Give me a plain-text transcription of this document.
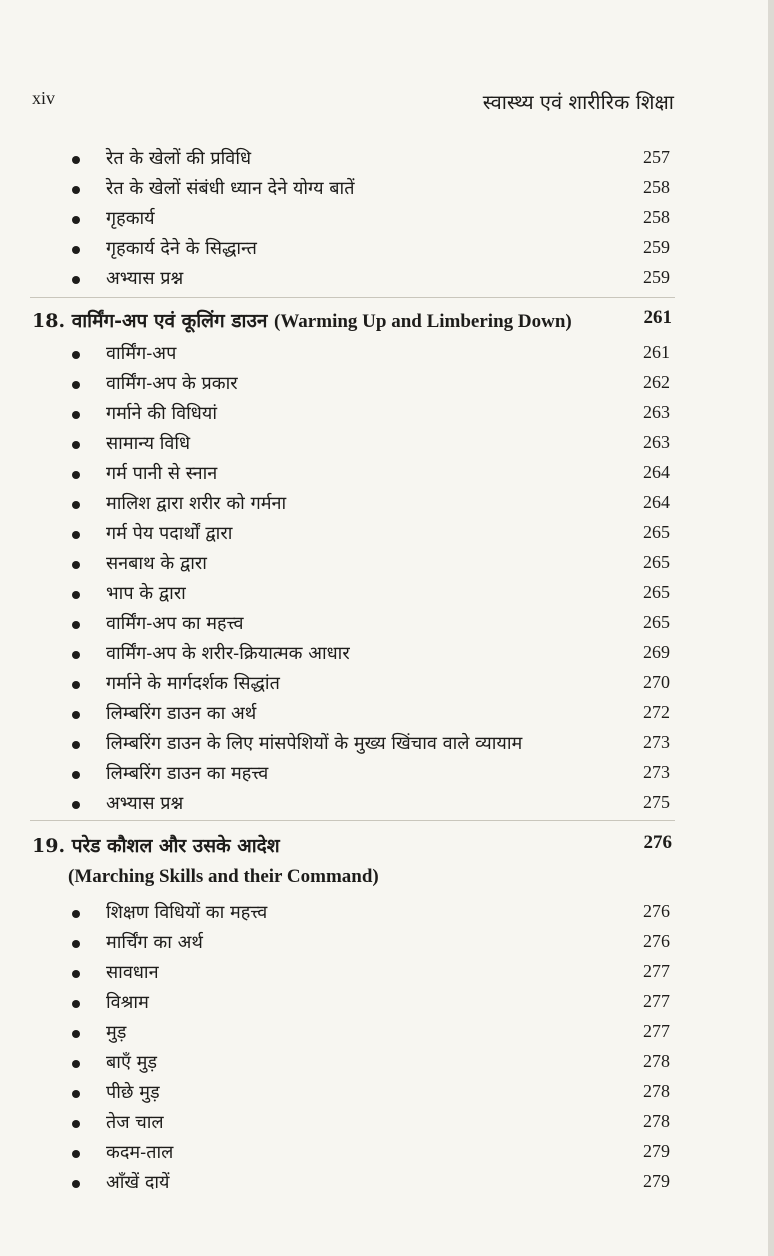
xiv	स्वास्थ्य एवं शारीरिक शिक्षा
रेत के खेलों की प्रविधि	257
रेत के खेलों संबंधी ध्यान देने योग्य बातें	258
गृहकार्य	258
गृहकार्य देने के सिद्धान्त	259
अभ्यास प्रश्न	259
18. वार्मिंग-अप एवं कूलिंग डाउन (Warming Up and Limbering Down)	261
वार्मिंग-अप	261
वार्मिंग-अप के प्रकार	262
गर्माने की विधियां	263
सामान्य विधि	263
गर्म पानी से स्नान	264
मालिश द्वारा शरीर को गर्मना	264
गर्म पेय पदार्थों द्वारा	265
सनबाथ के द्वारा	265
भाप के द्वारा	265
वार्मिंग-अप का महत्त्व	265
वार्मिंग-अप के शरीर-क्रियात्मक आधार	269
गर्माने के मार्गदर्शक सिद्धांत	270
लिम्बरिंग डाउन का अर्थ	272
लिम्बरिंग डाउन के लिए मांसपेशियों के मुख्य खिंचाव वाले व्यायाम	273
लिम्बरिंग डाउन का महत्त्व	273
अभ्यास प्रश्न	275
19. परेड कौशल और उसके आदेश	276
(Marching Skills and their Command)
शिक्षण विधियों का महत्त्व	276
मार्चिंग का अर्थ	276
सावधान	277
विश्राम	277
मुड़	277
बाएँ मुड़	278
पीछे मुड़	278
तेज चाल	278
कदम-ताल	279
आँखें दायें	279
